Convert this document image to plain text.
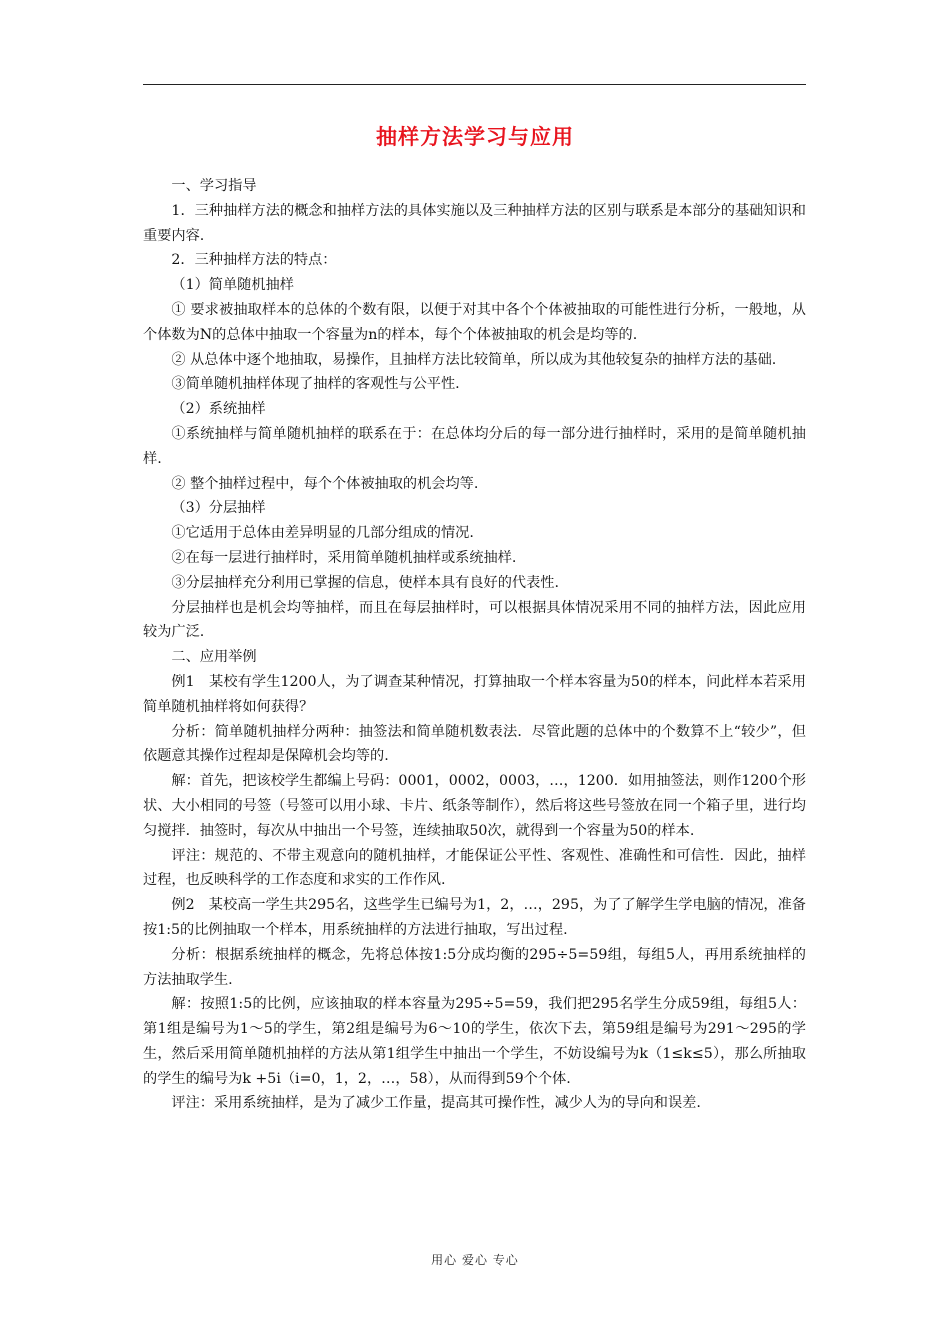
抽样方法学习与应用

一、学习指导

1．三种抽样方法的概念和抽样方法的具体实施以及三种抽样方法的区别与联系是本部分的基础知识和重要内容.

2．三种抽样方法的特点：

（1）简单随机抽样

① 要求被抽取样本的总体的个数有限，以便于对其中各个个体被抽取的可能性进行分析，一般地，从个体数为N的总体中抽取一个容量为n的样本，每个个体被抽取的机会是均等的.

② 从总体中逐个地抽取，易操作，且抽样方法比较简单，所以成为其他较复杂的抽样方法的基础.

③简单随机抽样体现了抽样的客观性与公平性.

（2）系统抽样

①系统抽样与简单随机抽样的联系在于：在总体均分后的每一部分进行抽样时，采用的是简单随机抽样.

② 整个抽样过程中，每个个体被抽取的机会均等.

（3）分层抽样

①它适用于总体由差异明显的几部分组成的情况.

②在每一层进行抽样时，采用简单随机抽样或系统抽样.

③分层抽样充分利用已掌握的信息，使样本具有良好的代表性.

分层抽样也是机会均等抽样，而且在每层抽样时，可以根据具体情况采用不同的抽样方法，因此应用较为广泛.

二、应用举例

例1　某校有学生1200人，为了调查某种情况，打算抽取一个样本容量为50的样本，问此样本若采用简单随机抽样将如何获得？

分析：简单随机抽样分两种：抽签法和简单随机数表法．尽管此题的总体中的个数算不上“较少”，但依题意其操作过程却是保障机会均等的.

解：首先，把该校学生都编上号码：0001，0002，0003，…，1200．如用抽签法，则作1200个形状、大小相同的号签（号签可以用小球、卡片、纸条等制作），然后将这些号签放在同一个箱子里，进行均匀搅拌．抽签时，每次从中抽出一个号签，连续抽取50次，就得到一个容量为50的样本.

评注：规范的、不带主观意向的随机抽样，才能保证公平性、客观性、准确性和可信性．因此，抽样过程，也反映科学的工作态度和求实的工作作风.

例2　某校高一学生共295名，这些学生已编号为1，2，…，295，为了了解学生学电脑的情况，准备按1:5的比例抽取一个样本，用系统抽样的方法进行抽取，写出过程.

分析：根据系统抽样的概念，先将总体按1:5分成均衡的295÷5=59组，每组5人，再用系统抽样的方法抽取学生.

解：按照1:5的比例，应该抽取的样本容量为295÷5=59，我们把295名学生分成59组，每组5人：第1组是编号为1～5的学生，第2组是编号为6～10的学生，依次下去，第59组是编号为291～295的学生，然后采用简单随机抽样的方法从第1组学生中抽出一个学生，不妨设编号为k（1≤k≤5），那么所抽取的学生的编号为k +5i（i=0，1，2，…，58），从而得到59个个体.

评注：采用系统抽样，是为了减少工作量，提高其可操作性，减少人为的导向和误差.

用心 爱心 专心
